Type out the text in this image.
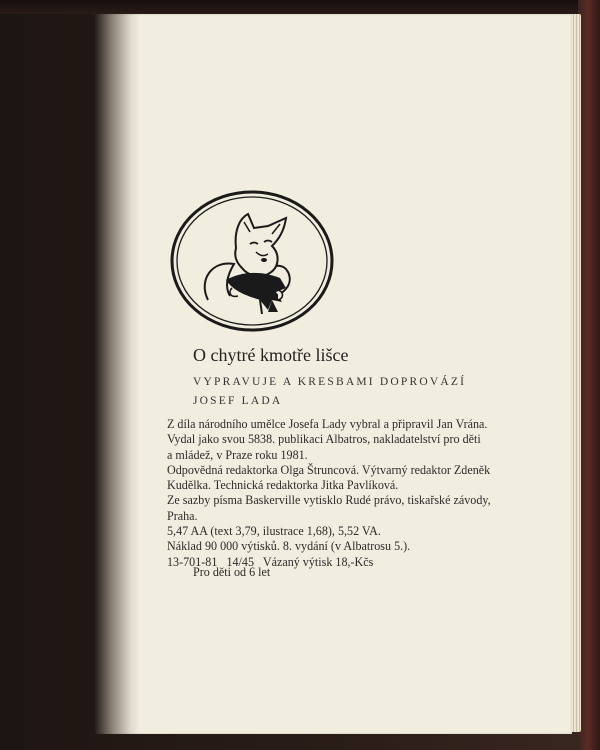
O chytré kmotře lišce
VYPRAVUJE A KRESBAMI DOPROVÁZÍ
JOSEF LADA
Z díla národního umělce Josefa Lady vybral a připravil Jan Vrána.
Vydal jako svou 5838. publikaci Albatros, nakladatelství pro děti
a mládež, v Praze roku 1981.
Odpovědná redaktorka Olga Štruncová. Výtvarný redaktor Zdeněk
Kudělka. Technická redaktorka Jitka Pavlíková.
Ze sazby písma Baskerville vytisklo Rudé právo, tiskařské závody,
Praha.
5,47 AA (text 3,79, ilustrace 1,68), 5,52 VA.
Náklad 90 000 výtisků. 8. vydání (v Albatrosu 5.).
13-701-81   14/45   Vázaný výtisk 18,-Kčs
Pro děti od 6 let
